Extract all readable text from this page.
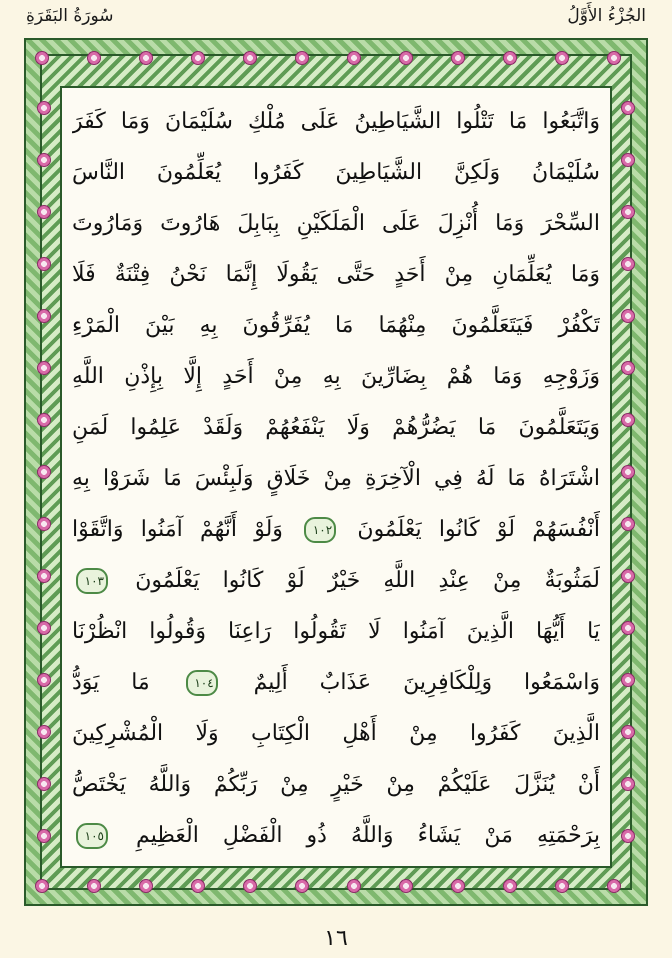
الجُزْءُ الأَوَّلُ
سُورَةُ البَقَرَةِ
وَاتَّبَعُوا مَا تَتْلُوا الشَّيَاطِينُ عَلَى مُلْكِ سُلَيْمَانَ وَمَا كَفَرَ
سُلَيْمَانُ وَلَكِنَّ الشَّيَاطِينَ كَفَرُوا يُعَلِّمُونَ النَّاسَ
السِّحْرَ وَمَا أُنْزِلَ عَلَى الْمَلَكَيْنِ بِبَابِلَ هَارُوتَ وَمَارُوتَ
وَمَا يُعَلِّمَانِ مِنْ أَحَدٍ حَتَّى يَقُولَا إِنَّمَا نَحْنُ فِتْنَةٌ فَلَا
تَكْفُرْ فَيَتَعَلَّمُونَ مِنْهُمَا مَا يُفَرِّقُونَ بِهِ بَيْنَ الْمَرْءِ
وَزَوْجِهِ وَمَا هُمْ بِضَارِّينَ بِهِ مِنْ أَحَدٍ إِلَّا بِإِذْنِ اللَّهِ
وَيَتَعَلَّمُونَ مَا يَضُرُّهُمْ وَلَا يَنْفَعُهُمْ وَلَقَدْ عَلِمُوا لَمَنِ
اشْتَرَاهُ مَا لَهُ فِي الْآخِرَةِ مِنْ خَلَاقٍ وَلَبِئْسَ مَا شَرَوْا بِهِ
أَنْفُسَهُمْ لَوْ كَانُوا يَعْلَمُونَ ١٠٢ وَلَوْ أَنَّهُمْ آمَنُوا وَاتَّقَوْا
لَمَثُوبَةٌ مِنْ عِنْدِ اللَّهِ خَيْرٌ لَوْ كَانُوا يَعْلَمُونَ ١٠٣
يَا أَيُّهَا الَّذِينَ آمَنُوا لَا تَقُولُوا رَاعِنَا وَقُولُوا انْظُرْنَا
وَاسْمَعُوا وَلِلْكَافِرِينَ عَذَابٌ أَلِيمٌ ١٠٤ مَا يَوَدُّ
الَّذِينَ كَفَرُوا مِنْ أَهْلِ الْكِتَابِ وَلَا الْمُشْرِكِينَ
أَنْ يُنَزَّلَ عَلَيْكُمْ مِنْ خَيْرٍ مِنْ رَبِّكُمْ وَاللَّهُ يَخْتَصُّ
بِرَحْمَتِهِ مَنْ يَشَاءُ وَاللَّهُ ذُو الْفَضْلِ الْعَظِيمِ ١٠٥
١٦
